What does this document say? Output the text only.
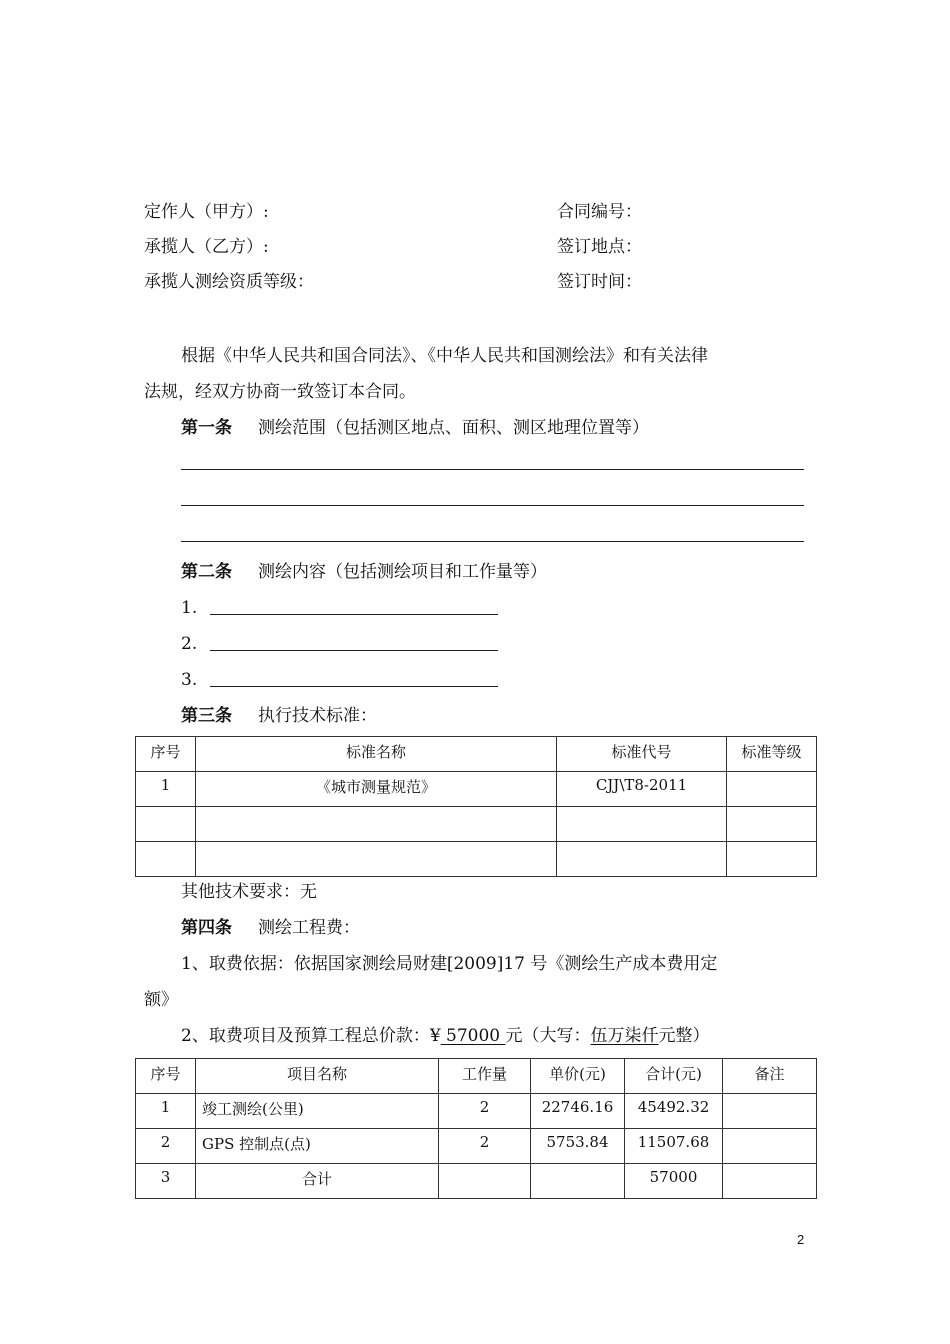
定作人（甲方）:	合同编号：
承揽人（乙方）:	签订地点：
承揽人测绘资质等级：	签订时间：
根据《中华人民共和国合同法》、《中华人民共和国测绘法》和有关法律
法规，经双方协商一致签订本合同。
第一条 测绘范围（包括测区地点、面积、测区地理位置等）
第二条 测绘内容（包括测绘项目和工作量等）
1.
2.
3.
第三条 执行技术标准：
序号	标准名称	标准代号	标准等级

1	《城市测量规范》	CJJ\T8-2011	

其他技术要求：无
第四条 测绘工程费：
1、取费依据：依据国家测绘局财建[2009]17 号《测绘生产成本费用定
额》
2、取费项目及预算工程总价款：¥ 57000 元（大写：伍万柒仟元整）
序号	项目名称	工作量	单价(元)	合计(元)	备注

1	竣工测绘(公里)	2	22746.16	45492.32	

2	GPS 控制点(点)	2	5753.84	11507.68	

3	合计			57000	

2
